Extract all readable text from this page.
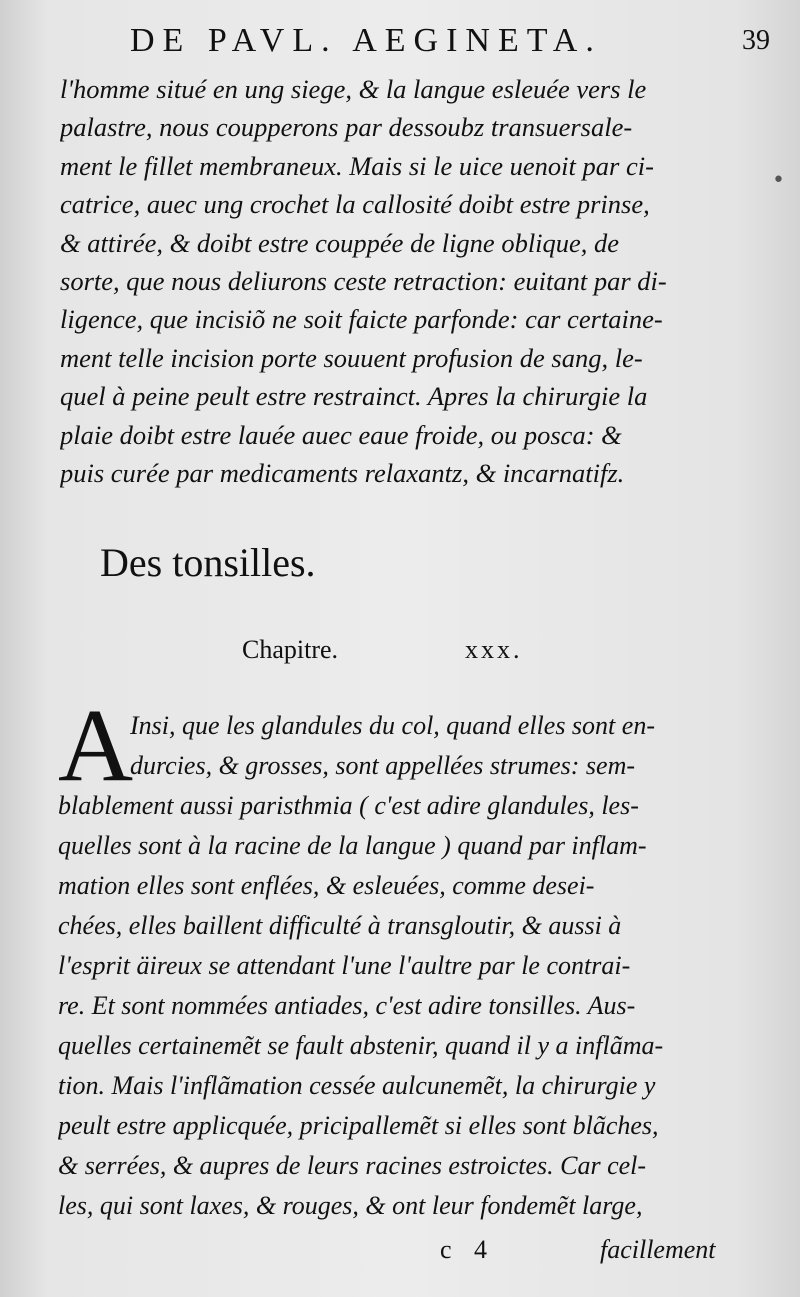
DE PAVL. AEGINETA.	39
•
l'homme situé en ung siege, & la langue esleuée vers le
palastre, nous coupperons par dessoubz transuersale-
ment le fillet membraneux. Mais si le uice uenoit par ci-
catrice, auec ung crochet la callosité doibt estre prinse,
& attirée, & doibt estre couppée de ligne oblique, de
sorte, que nous deliurons ceste retraction: euitant par di-
ligence, que incisiõ ne soit faicte parfonde: car certaine-
ment telle incision porte souuent profusion de sang, le-
quel à peine peult estre restrainct. Apres la chirurgie la
plaie doibt estre lauée auec eaue froide, ou posca: &
puis curée par medicaments relaxantz, & incarnatifz.
Des tonsilles.
Chapitre.	xxx.
A
Insi, que les glandules du col, quand elles sont en-
durcies, & grosses, sont appellées strumes: sem-
blablement aussi paristhmia ( c'est adire glandules, les-
quelles sont à la racine de la langue ) quand par inflam-
mation elles sont enflées, & esleuées, comme desei-
chées, elles baillent difficulté à transgloutir, & aussi à
l'esprit äireux se attendant l'une l'aultre par le contrai-
re. Et sont nommées antiades, c'est adire tonsilles. Aus-
quelles certainemẽt se fault abstenir, quand il y a inflãma-
tion. Mais l'inflãmation cessée aulcunemẽt, la chirurgie y
peult estre applicquée, pricipallemẽt si elles sont blãches,
& serrées, & aupres de leurs racines estroictes. Car cel-
les, qui sont laxes, & rouges, & ont leur fondemẽt large,
c 4	facillement
